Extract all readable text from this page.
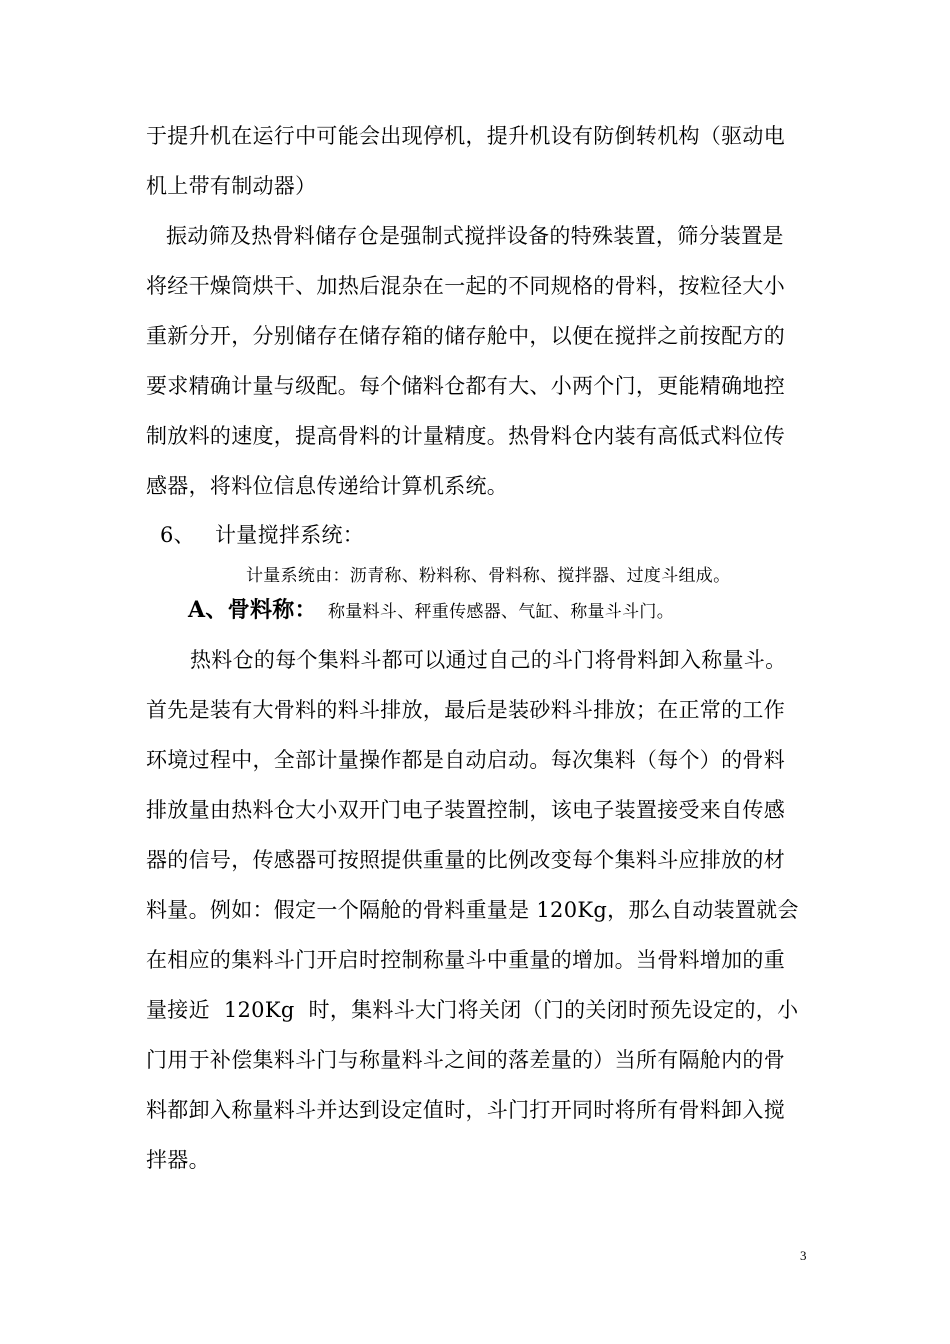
于提升机在运行中可能会出现停机，提升机设有防倒转机构（驱动电
机上带有制动器）
振动筛及热骨料储存仓是强制式搅拌设备的特殊装置，筛分装置是
将经干燥筒烘干、加热后混杂在一起的不同规格的骨料，按粒径大小
重新分开，分别储存在储存箱的储存舱中，以便在搅拌之前按配方的
要求精确计量与级配。每个储料仓都有大、小两个门，更能精确地控
制放料的速度，提高骨料的计量精度。热骨料仓内装有高低式料位传
感器，将料位信息传递给计算机系统。
6、 计量搅拌系统：
计量系统由：沥青称、粉料称、骨料称、搅拌器、过度斗组成。
A、骨料称： 称量料斗、秤重传感器、气缸、称量斗斗门。
热料仓的每个集料斗都可以通过自己的斗门将骨料卸入称量斗。
首先是装有大骨料的料斗排放，最后是装砂料斗排放；在正常的工作
环境过程中，全部计量操作都是自动启动。每次集料（每个）的骨料
排放量由热料仓大小双开门电子装置控制，该电子装置接受来自传感
器的信号，传感器可按照提供重量的比例改变每个集料斗应排放的材
料量。例如：假定一个隔舱的骨料重量是 120Kg，那么自动装置就会
在相应的集料斗门开启时控制称量斗中重量的增加。当骨料增加的重
量接近  120Kg  时，集料斗大门将关闭（门的关闭时预先设定的，小
门用于补偿集料斗门与称量料斗之间的落差量的）当所有隔舱内的骨
料都卸入称量料斗并达到设定值时，斗门打开同时将所有骨料卸入搅
拌器。
3
